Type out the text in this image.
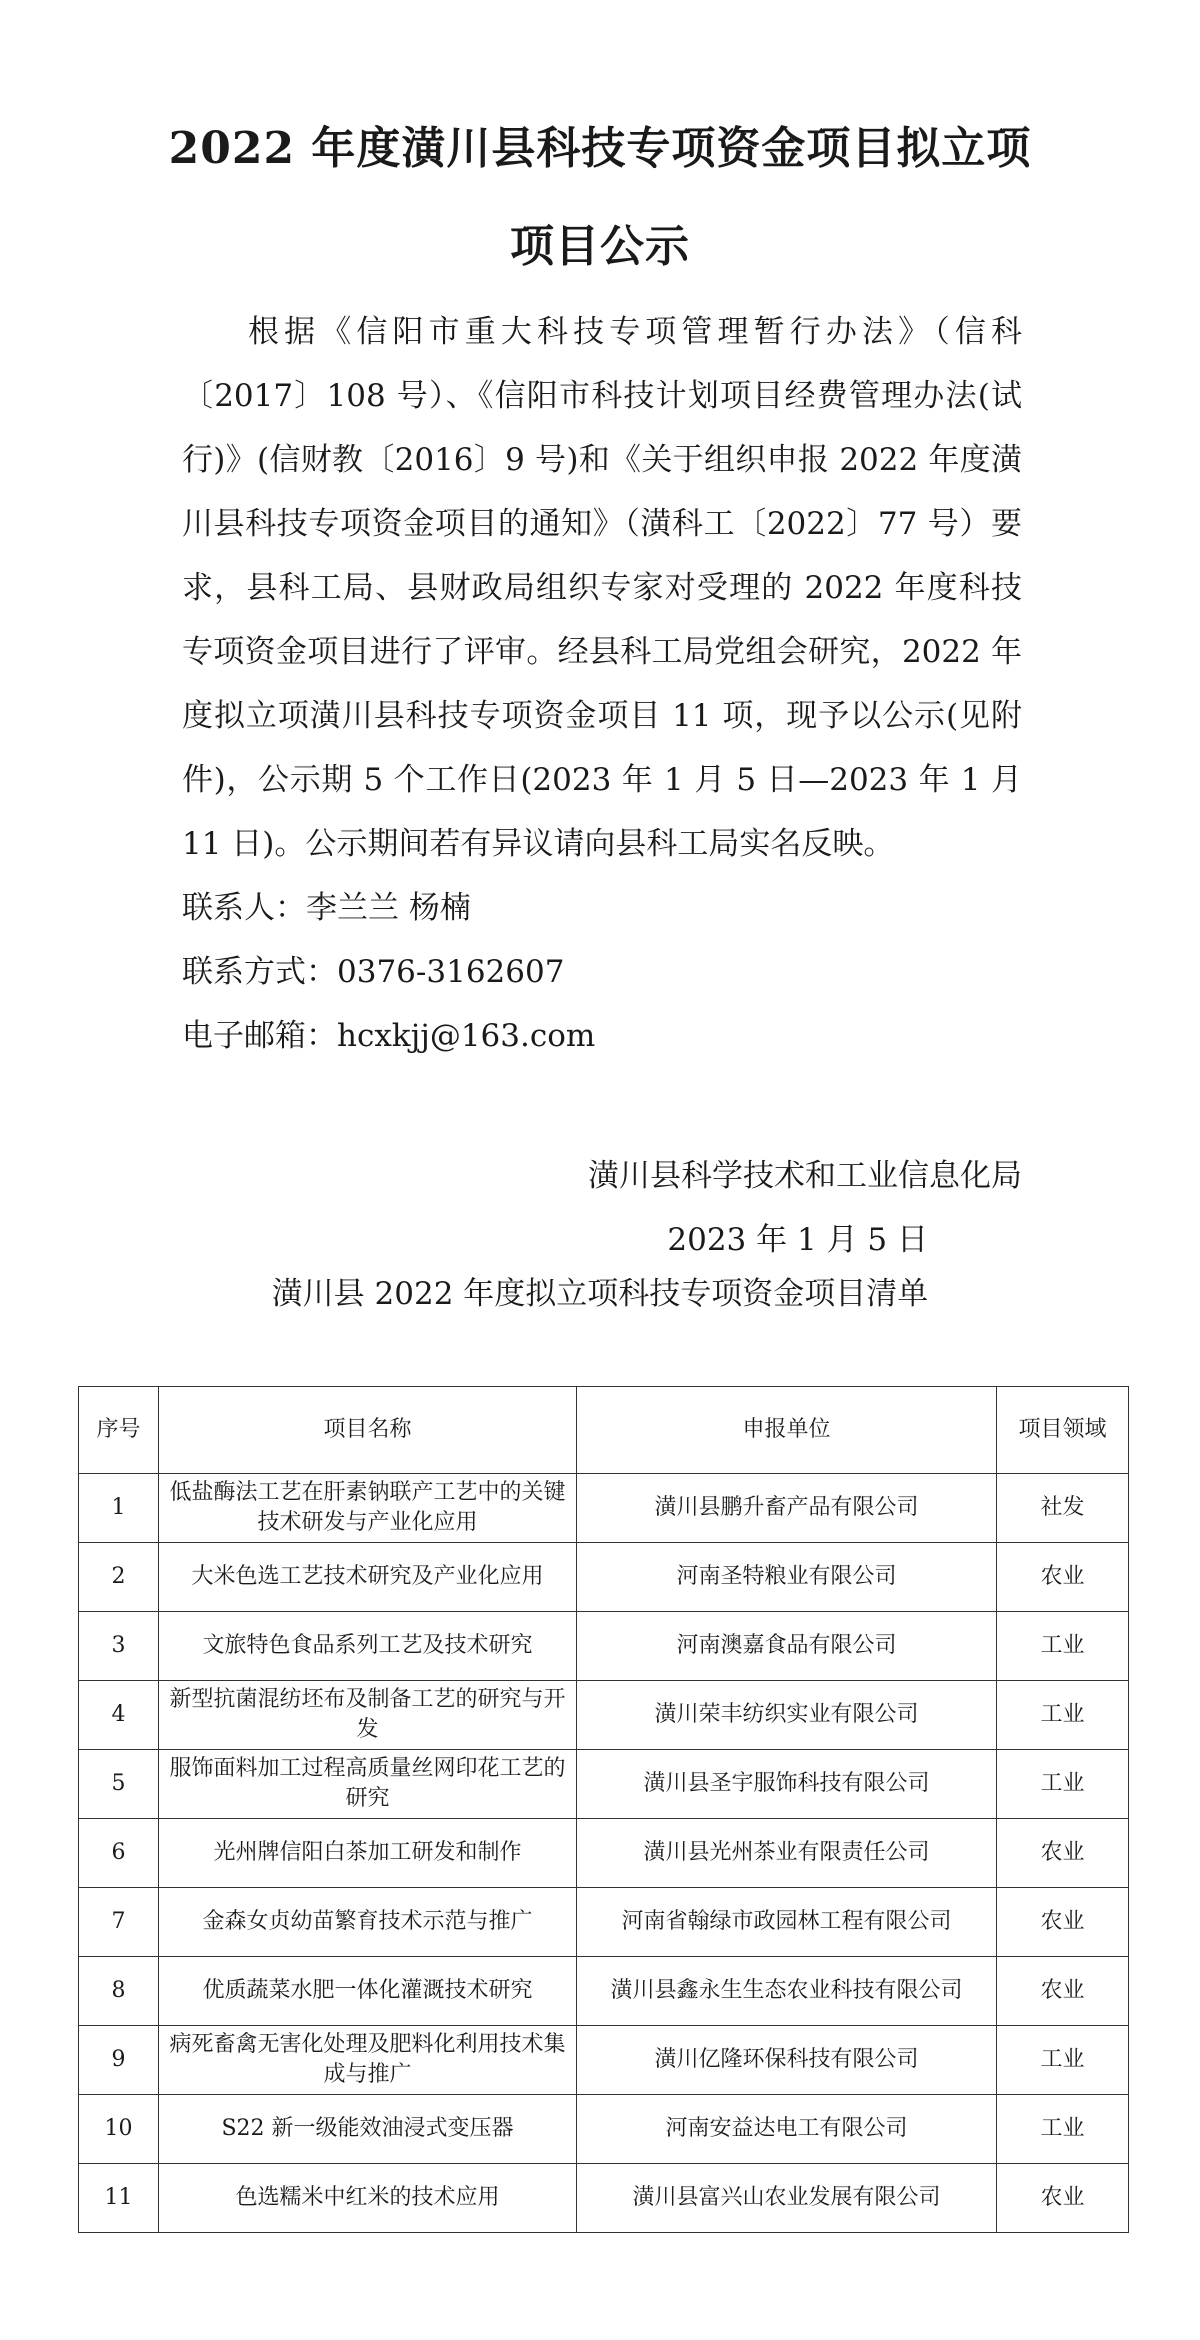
2022 年度潢川县科技专项资金项目拟立项
项目公示

根据《信阳市重大科技专项管理暂行办法》（信科〔2017〕108 号）、《信阳市科技计划项目经费管理办法(试行)》(信财教〔2016〕9 号)和《关于组织申报 2022 年度潢川县科技专项资金项目的通知》（潢科工〔2022〕77 号）要求，县科工局、县财政局组织专家对受理的 2022 年度科技专项资金项目进行了评审。经县科工局党组会研究，2022 年度拟立项潢川县科技专项资金项目 11 项，现予以公示(见附件)，公示期 5 个工作日(2023 年 1 月 5 日—2023 年 1 月 11 日)。公示期间若有异议请向县科工局实名反映。

联系人：李兰兰 杨楠

联系方式：0376-3162607

电子邮箱：hcxkjj@163.com

潢川县科学技术和工业信息化局
2023 年 1 月 5 日
潢川县 2022 年度拟立项科技专项资金项目清单
序号	项目名称	申报单位	项目领域
1	低盐酶法工艺在肝素钠联产工艺中的关键技术研发与产业化应用	潢川县鹏升畜产品有限公司	社发
2	大米色选工艺技术研究及产业化应用	河南圣特粮业有限公司	农业
3	文旅特色食品系列工艺及技术研究	河南澳嘉食品有限公司	工业
4	新型抗菌混纺坯布及制备工艺的研究与开发	潢川荣丰纺织实业有限公司	工业
5	服饰面料加工过程高质量丝网印花工艺的研究	潢川县圣宇服饰科技有限公司	工业
6	光州牌信阳白茶加工研发和制作	潢川县光州茶业有限责任公司	农业
7	金森女贞幼苗繁育技术示范与推广	河南省翰绿市政园林工程有限公司	农业
8	优质蔬菜水肥一体化灌溉技术研究	潢川县鑫永生生态农业科技有限公司	农业
9	病死畜禽无害化处理及肥料化利用技术集成与推广	潢川亿隆环保科技有限公司	工业
10	S22 新一级能效油浸式变压器	河南安益达电工有限公司	工业
11	色选糯米中红米的技术应用	潢川县富兴山农业发展有限公司	农业
